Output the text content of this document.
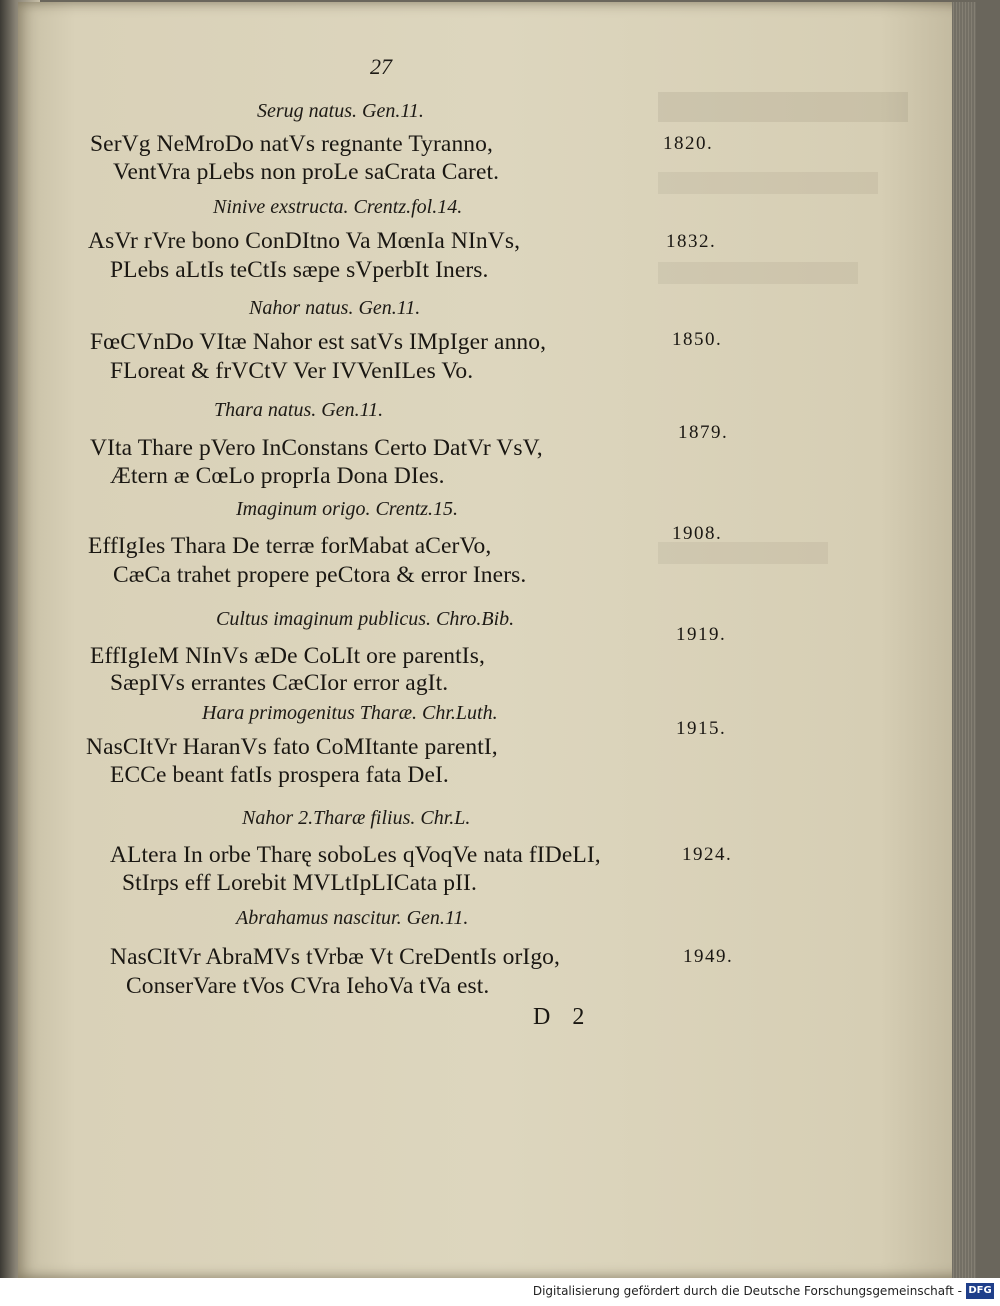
27
Serug natus. Gen.11.
SerVg NeMroDo natVs regnante Tyranno,
VentVra pLebs non proLe saCrata Caret.
1820.
Ninive exstructa. Crentz.fol.14.
AsVr rVre bono ConDItno Va MœnIa NInVs,
PLebs aLtIs teCtIs sæpe sVperbIt Iners.
1832.
Nahor natus. Gen.11.
FœCVnDo VItæ Nahor est satVs IMpIger anno,
FLoreat & frVCtV Ver IVVenILes Vo.
1850.
Thara natus. Gen.11.
VIta Thare pVero InConstans Certo DatVr VsV,
Ætern æ CœLo proprIa Dona DIes.
1879.
Imaginum origo. Crentz.15.
EffIgIes Thara De terræ forMabat aCerVo,
CæCa trahet propere peCtora & error Iners.
1908.
Cultus imaginum publicus. Chro.Bib.
EffIgIeM NInVs æDe CoLIt ore parentIs,
SæpIVs errantes CæCIor error agIt.
1919.
Hara primogenitus Tharæ. Chr.Luth.
NasCItVr HaranVs fato CoMItante parentI,
ECCe beant fatIs prospera fata DeI.
1915.
Nahor 2.Tharæ filius. Chr.L.
ALtera In orbe Tharę soboLes qVoqVe nata fIDeLI,
StIrps eff Lorebit MVLtIpLICata pII.
1924.
Abrahamus nascitur. Gen.11.
NasCItVr AbraMVs tVrbæ Vt CreDentIs orIgo,
ConserVare tVos CVra IehoVa tVa est.
1949.
D 2
Digitalisierung gefördert durch die Deutsche Forschungsgemeinschaft - DFG
